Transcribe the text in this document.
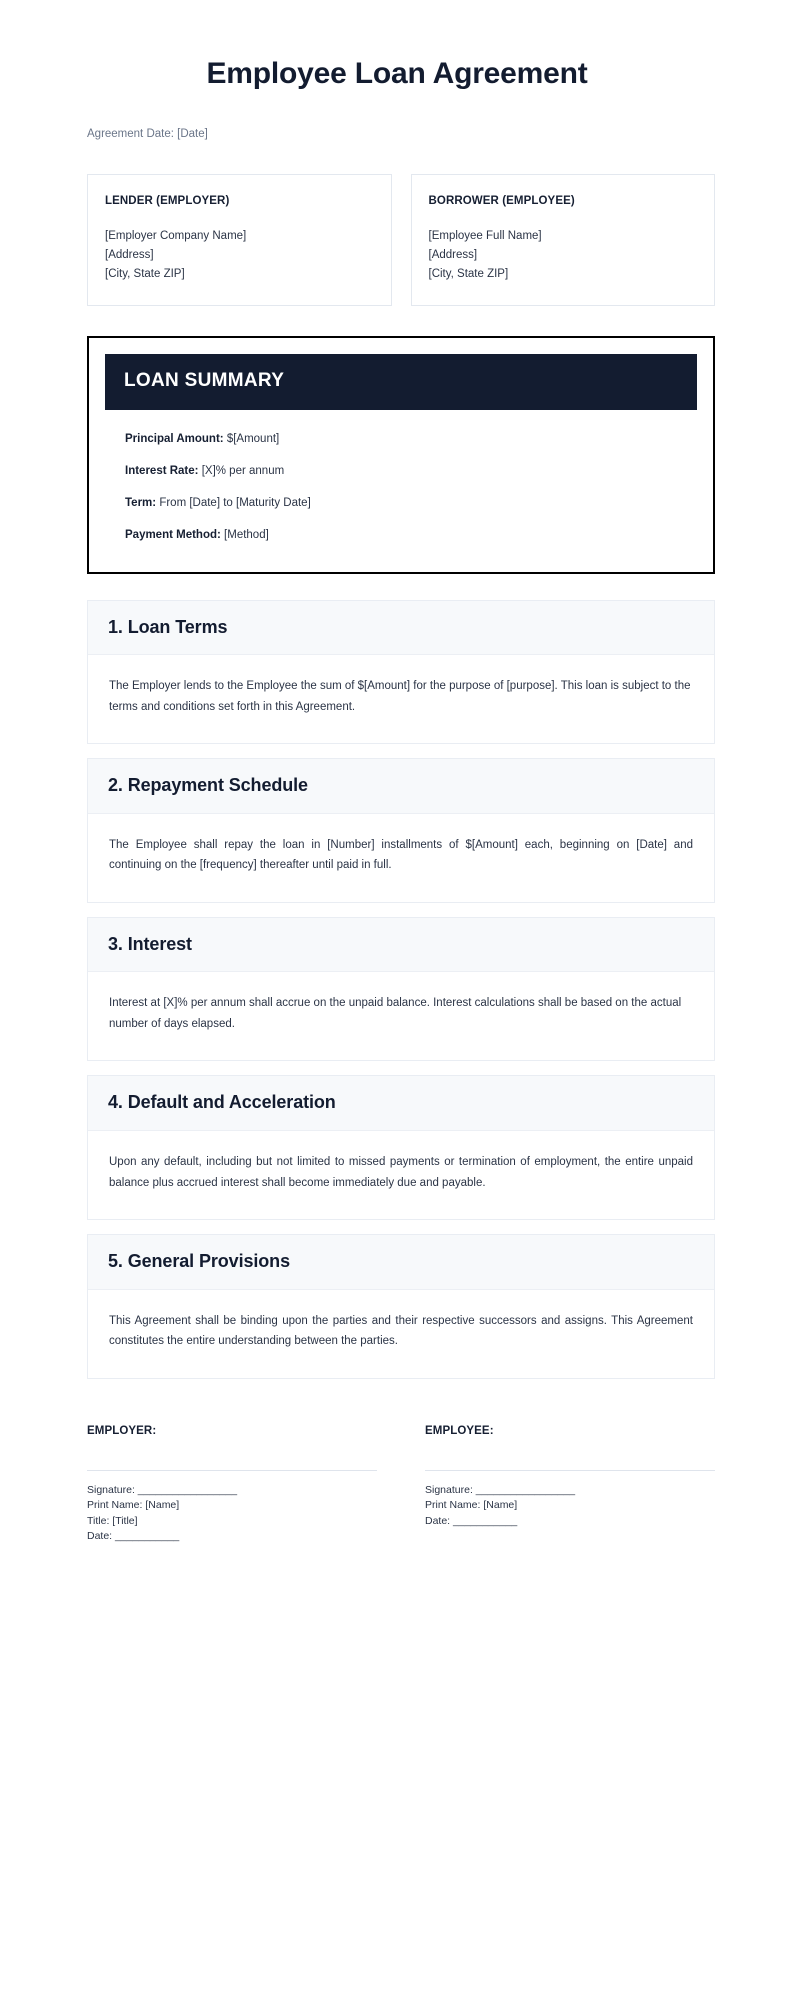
Employee Loan Agreement
Agreement Date: [Date]
LENDER (EMPLOYER)
[Employer Company Name]
[Address]
[City, State ZIP]
BORROWER (EMPLOYEE)
[Employee Full Name]
[Address]
[City, State ZIP]
LOAN SUMMARY
Principal Amount: $[Amount]
Interest Rate: [X]% per annum
Term: From [Date] to [Maturity Date]
Payment Method: [Method]
1. Loan Terms

The Employer lends to the Employee the sum of $[Amount] for the purpose of [purpose]. This loan is subject to the terms and conditions set forth in this Agreement.

2. Repayment Schedule

The Employee shall repay the loan in [Number] installments of $[Amount] each, beginning on [Date] and continuing on the [frequency] thereafter until paid in full.

3. Interest

Interest at [X]% per annum shall accrue on the unpaid balance. Interest calculations shall be based on the actual number of days elapsed.

4. Default and Acceleration

Upon any default, including but not limited to missed payments or termination of employment, the entire unpaid balance plus accrued interest shall become immediately due and payable.

5. General Provisions

This Agreement shall be binding upon the parties and their respective successors and assigns. This Agreement constitutes the entire understanding between the parties.

EMPLOYER:
Signature: _________________
Print Name: [Name]
Title: [Title]
Date: ___________
EMPLOYEE:
Signature: _________________
Print Name: [Name]
Date: ___________
